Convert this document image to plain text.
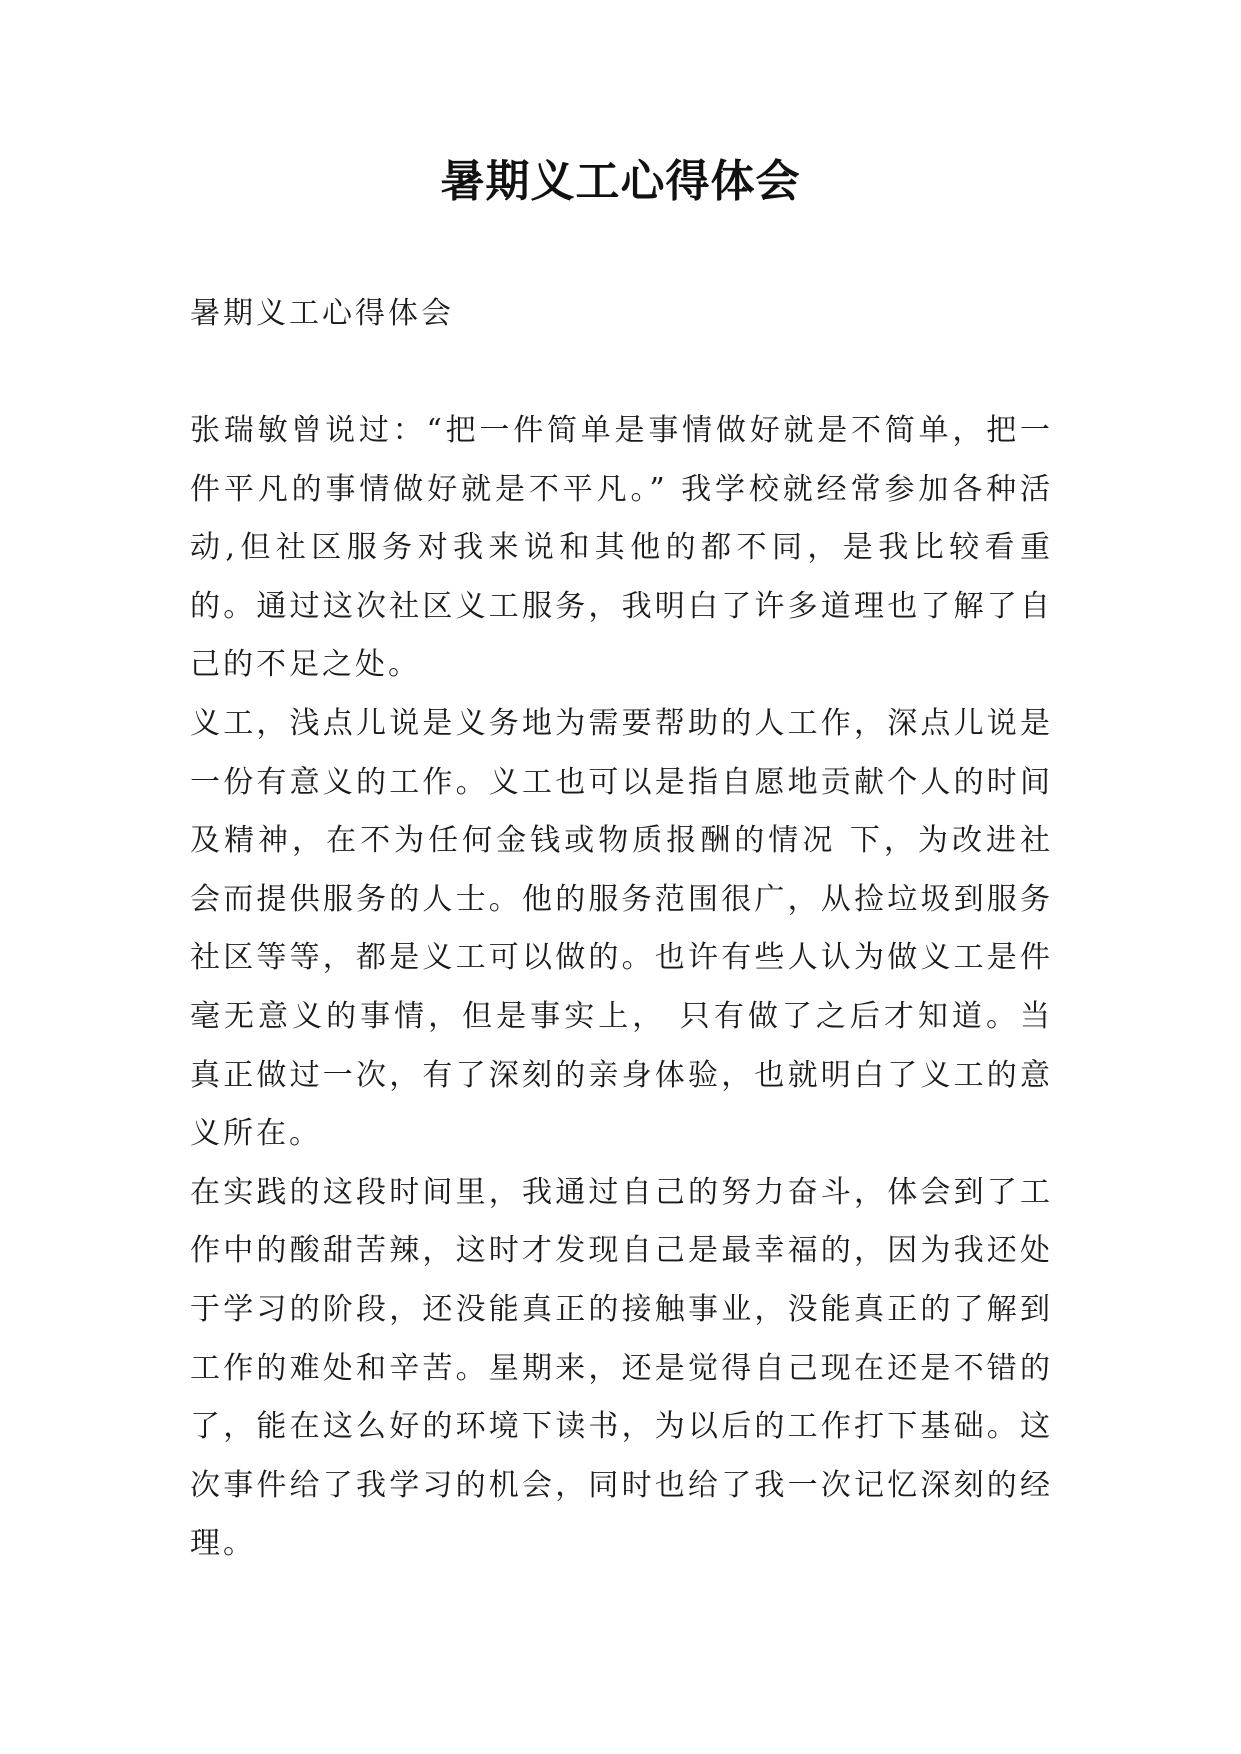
暑期义工心得体会
暑期义工心得体会

张瑞敏曾说过：“把一件简单是事情做好就是不简单，把一件平凡的事情做好就是不平凡。” 我学校就经常参加各种活动,但社区服务对我来说和其他的都不同，是我比较看重的。通过这次社区义工服务，我明白了许多道理也了解了自己的不足之处。

义工，浅点儿说是义务地为需要帮助的人工作，深点儿说是一份有意义的工作。义工也可以是指自愿地贡献个人的时间及精神，在不为任何金钱或物质报酬的情况 下，为改进社会而提供服务的人士。他的服务范围很广，从捡垃圾到服务社区等等，都是义工可以做的。也许有些人认为做义工是件毫无意义的事情，但是事实上， 只有做了之后才知道。当真正做过一次，有了深刻的亲身体验，也就明白了义工的意义所在。

在实践的这段时间里，我通过自己的努力奋斗，体会到了工作中的酸甜苦辣，这时才发现自己是最幸福的，因为我还处于学习的阶段，还没能真正的接触事业，没能真正的了解到工作的难处和辛苦。星期来，还是觉得自己现在还是不错的了，能在这么好的环境下读书，为以后的工作打下基础。这次事件给了我学习的机会，同时也给了我一次记忆深刻的经理。
